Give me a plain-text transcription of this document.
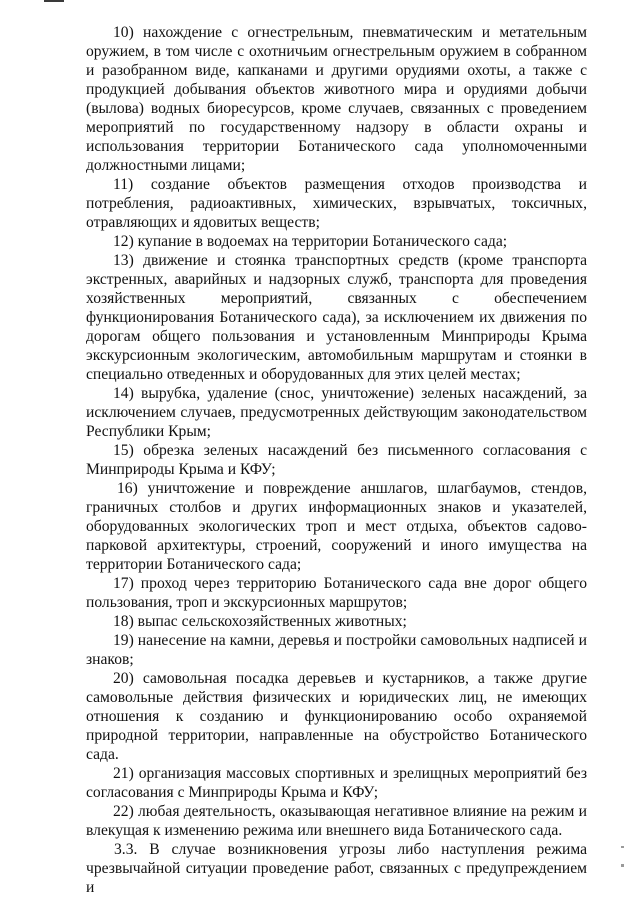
10) нахождение с огнестрельным, пневматическим и метательным оружием, в том числе с охотничьим огнестрельным оружием в собранном и разобранном виде, капканами и другими орудиями охоты, а также с продукцией добывания объектов животного мира и орудиями добычи (вылова) водных биоресурсов, кроме случаев, связанных с проведением мероприятий по государственному надзору в области охраны и использования территории Ботанического сада уполномоченными должностными лицами;

11) создание объектов размещения отходов производства и потребления, радиоактивных, химических, взрывчатых, токсичных, отравляющих и ядовитых веществ;

12) купание в водоемах на территории Ботанического сада;

13) движение и стоянка транспортных средств (кроме транспорта экстренных, аварийных и надзорных служб, транспорта для проведения хозяйственных мероприятий, связанных с обеспечением функционирования Ботанического сада), за исключением их движения по дорогам общего пользования и установленным Минприроды Крыма экскурсионным экологическим, автомобильным маршрутам и стоянки в специально отведенных и оборудованных для этих целей местах;

14) вырубка, удаление (снос, уничтожение) зеленых насаждений, за исключением случаев, предусмотренных действующим законодательством Республики Крым;

15) обрезка зеленых насаждений без письменного согласования с Минприроды Крыма и КФУ;

16) уничтожение и повреждение аншлагов, шлагбаумов, стендов, граничных столбов и других информационных знаков и указателей, оборудованных экологических троп и мест отдыха, объектов садово-парковой архитектуры, строений, сооружений и иного имущества на территории Ботанического сада;

17) проход через территорию Ботанического сада вне дорог общего пользования, троп и экскурсионных маршрутов;

18) выпас сельскохозяйственных животных;

19) нанесение на камни, деревья и постройки самовольных надписей и знаков;

20) самовольная посадка деревьев и кустарников, а также другие самовольные действия физических и юридических лиц, не имеющих отношения к созданию и функционированию особо охраняемой природной территории, направленные на обустройство Ботанического сада.

21) организация массовых спортивных и зрелищных мероприятий без согласования с Минприроды Крыма и КФУ;

22) любая деятельность, оказывающая негативное влияние на режим и влекущая к изменению режима или внешнего вида Ботанического сада.

3.3. В случае возникновения угрозы либо наступления режима чрезвычайной ситуации проведение работ, связанных с предупреждением и
